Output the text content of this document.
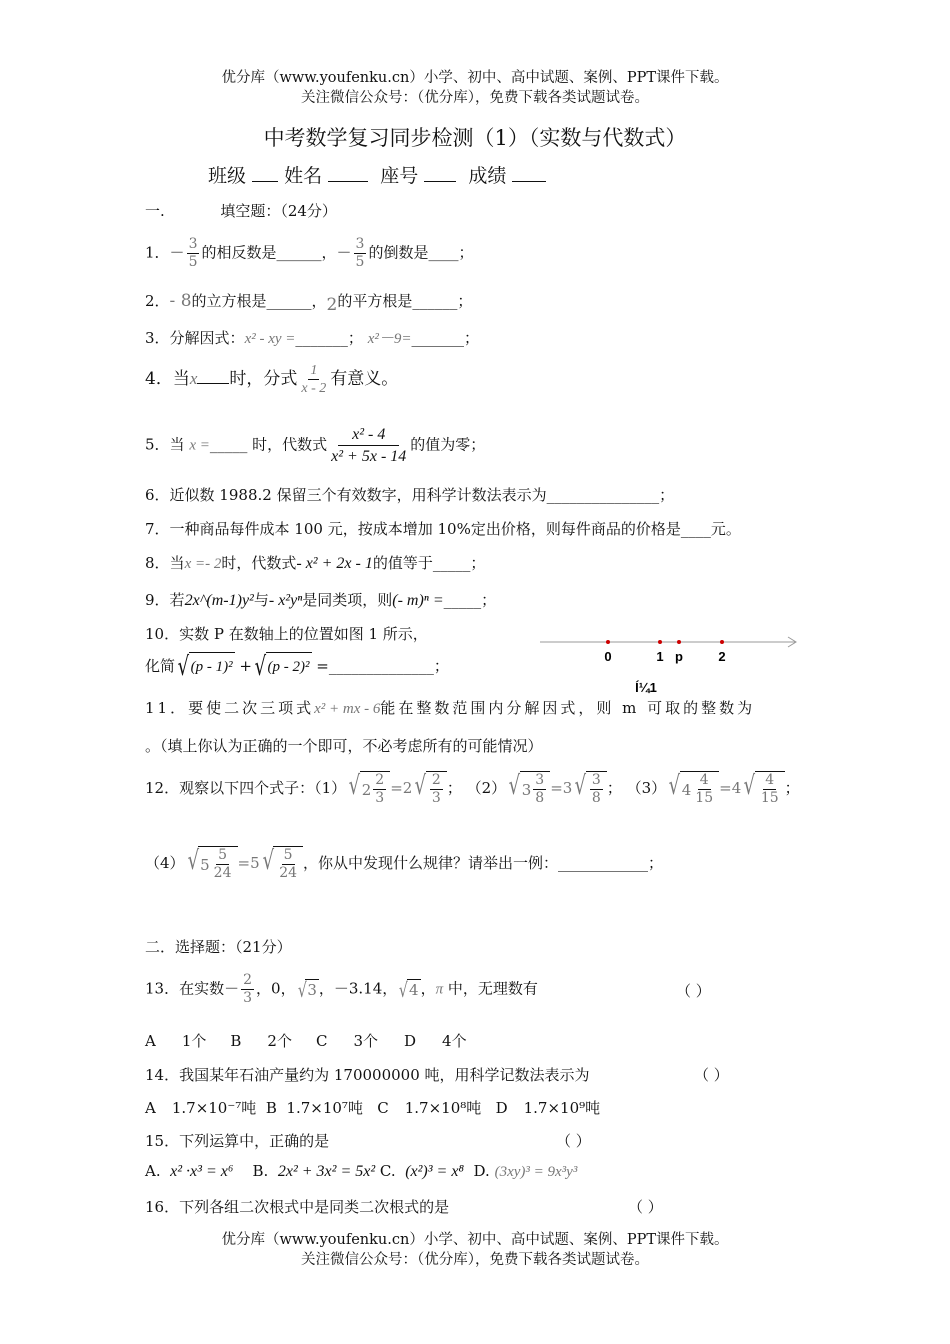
优分库（www.youfenku.cn）小学、初中、高中试题、案例、PPT课件下载。
关注微信公众号：（优分库），免费下载各类试题试卷。
中考数学复习同步检测（1）（实数与代数式）
班级 姓名	座号	成绩
一.	填空题：（24分）
1．－ $\frac{3}{5}$ 的相反数是______，－ $\frac{3}{5}$ 的倒数是____；
2．- 8的立方根是______，2的平方根是______；
3．分解因式：x² - xy =_______； x²－9=_______；
4．当x 时，分式 $\frac{1}{x - 2}$ 有意义。
5．当 x =_____ 时，代数式 $\frac{\text{x² - 4}}{\text{x² + 5x - 14}}$ 的值为零；
6．近似数 1988.2 保留三个有效数字，用科学计数法表示为_______________；
7．一种商品每件成本 100 元，按成本增加 10%定出价格，则每件商品的价格是____元。
8．当x =- 2时，代数式- x² + 2x - 1的值等于_____；
9．若2x^(m-1)y²与- x²yⁿ是同类项，则(- m)ⁿ =_____；
10．实数 P 在数轴上的位置如图 1 所示，
化简 √ (p - 1)² + √ (p - 2)² =______________；
0	1 p	2
Í¼1
11．要使二次三项式x² + mx - 6能在整数范围内分解因式，则 m 可取的整数为
。（填上你认为正确的一个即可，不必考虑所有的可能情况）
12．观察以下四个式子：（1） √ $2 \frac{2}{3} =2$ √ $\frac{2}{3}$ ； （2） √ $3 \frac{3}{8} =3$ √ $\frac{3}{8}$ ； （3） √ $4 \frac{4}{15} =4$ √ $\frac{4}{15}$ ；
（4） √ $5 \frac{5}{24} =5$ √ $\frac{5}{24}$ ，你从中发现什么规律？请举出一例：____________；
二．选择题：（21分）
13．在实数－ $\frac{2}{3}$ ，0， √ 3 ，－3.14， √ 4 ，π 中，无理数有	（ ）
A 1个 B 2个 C 3个 D 4个
14．我国某年石油产量约为 170000000 吨，用科学记数法表示为	（ ）
A 1.7×10⁻⁷吨 B 1.7×10⁷吨 C 1.7×10⁸吨 D 1.7×10⁹吨
15．下列运算中，正确的是	（ ）
A. x² ·x³ = x⁶ B. 2x² + 3x² = 5x² C. (x²)³ = x⁸ D. (3xy)³ = 9x³y³
16．下列各组二次根式中是同类二次根式的是	（ ）
优分库（www.youfenku.cn）小学、初中、高中试题、案例、PPT课件下载。
关注微信公众号：（优分库），免费下载各类试题试卷。
